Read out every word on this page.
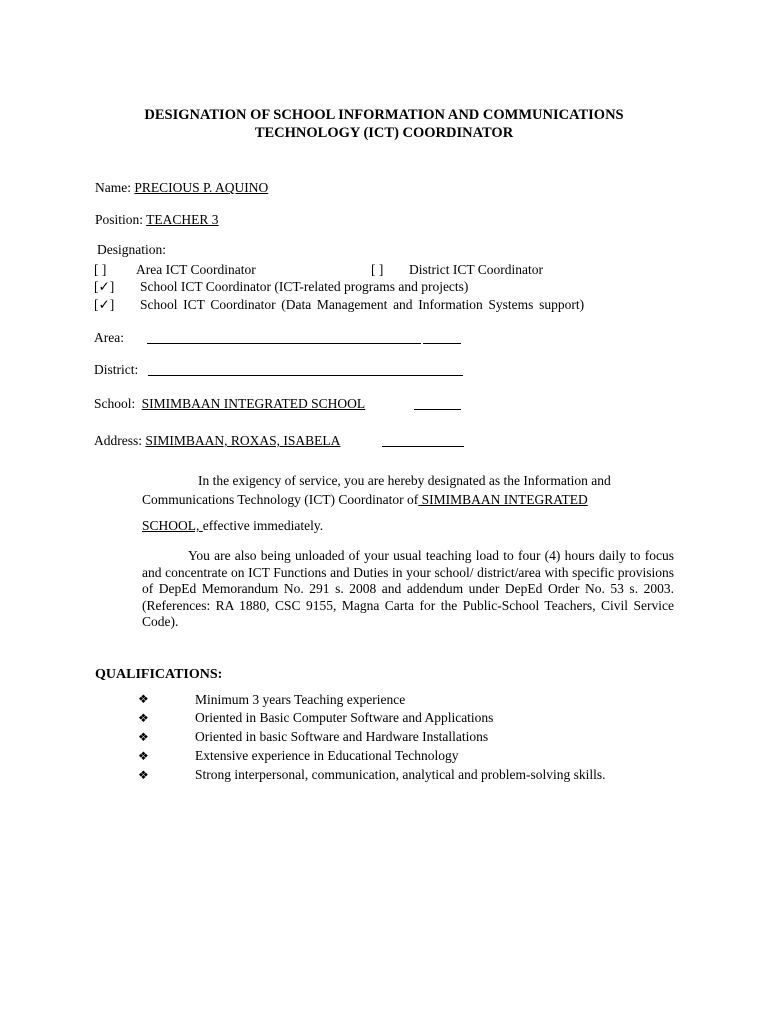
DESIGNATION OF SCHOOL INFORMATION AND COMMUNICATIONS
TECHNOLOGY (ICT) COORDINATOR
Name: PRECIOUS P. AQUINO
Position: TEACHER 3
Designation:
[ ] Area ICT Coordinator	[ ] District ICT Coordinator
[✓] School ICT Coordinator (ICT-related programs and projects)
[✓] School ICT Coordinator (Data Management and Information Systems support)
Area:
District:
School: SIMIMBAAN INTEGRATED SCHOOL
Address: SIMIMBAAN, ROXAS, ISABELA
In the exigency of service, you are hereby designated as the Information and
Communications Technology (ICT) Coordinator of SIMIMBAAN INTEGRATED
SCHOOL, effective immediately.
You are also being unloaded of your usual teaching load to four (4) hours daily to focus and concentrate on ICT Functions and Duties in your school/ district/area with specific provisions of DepEd Memorandum No. 291 s. 2008 and addendum under DepEd Order No. 53 s. 2003. (References: RA 1880, CSC 9155, Magna Carta for the Public-School Teachers, Civil Service Code).
QUALIFICATIONS:
❖	Minimum 3 years Teaching experience
❖	Oriented in Basic Computer Software and Applications
❖	Oriented in basic Software and Hardware Installations
❖	Extensive experience in Educational Technology
❖	Strong interpersonal, communication, analytical and problem-solving skills.
